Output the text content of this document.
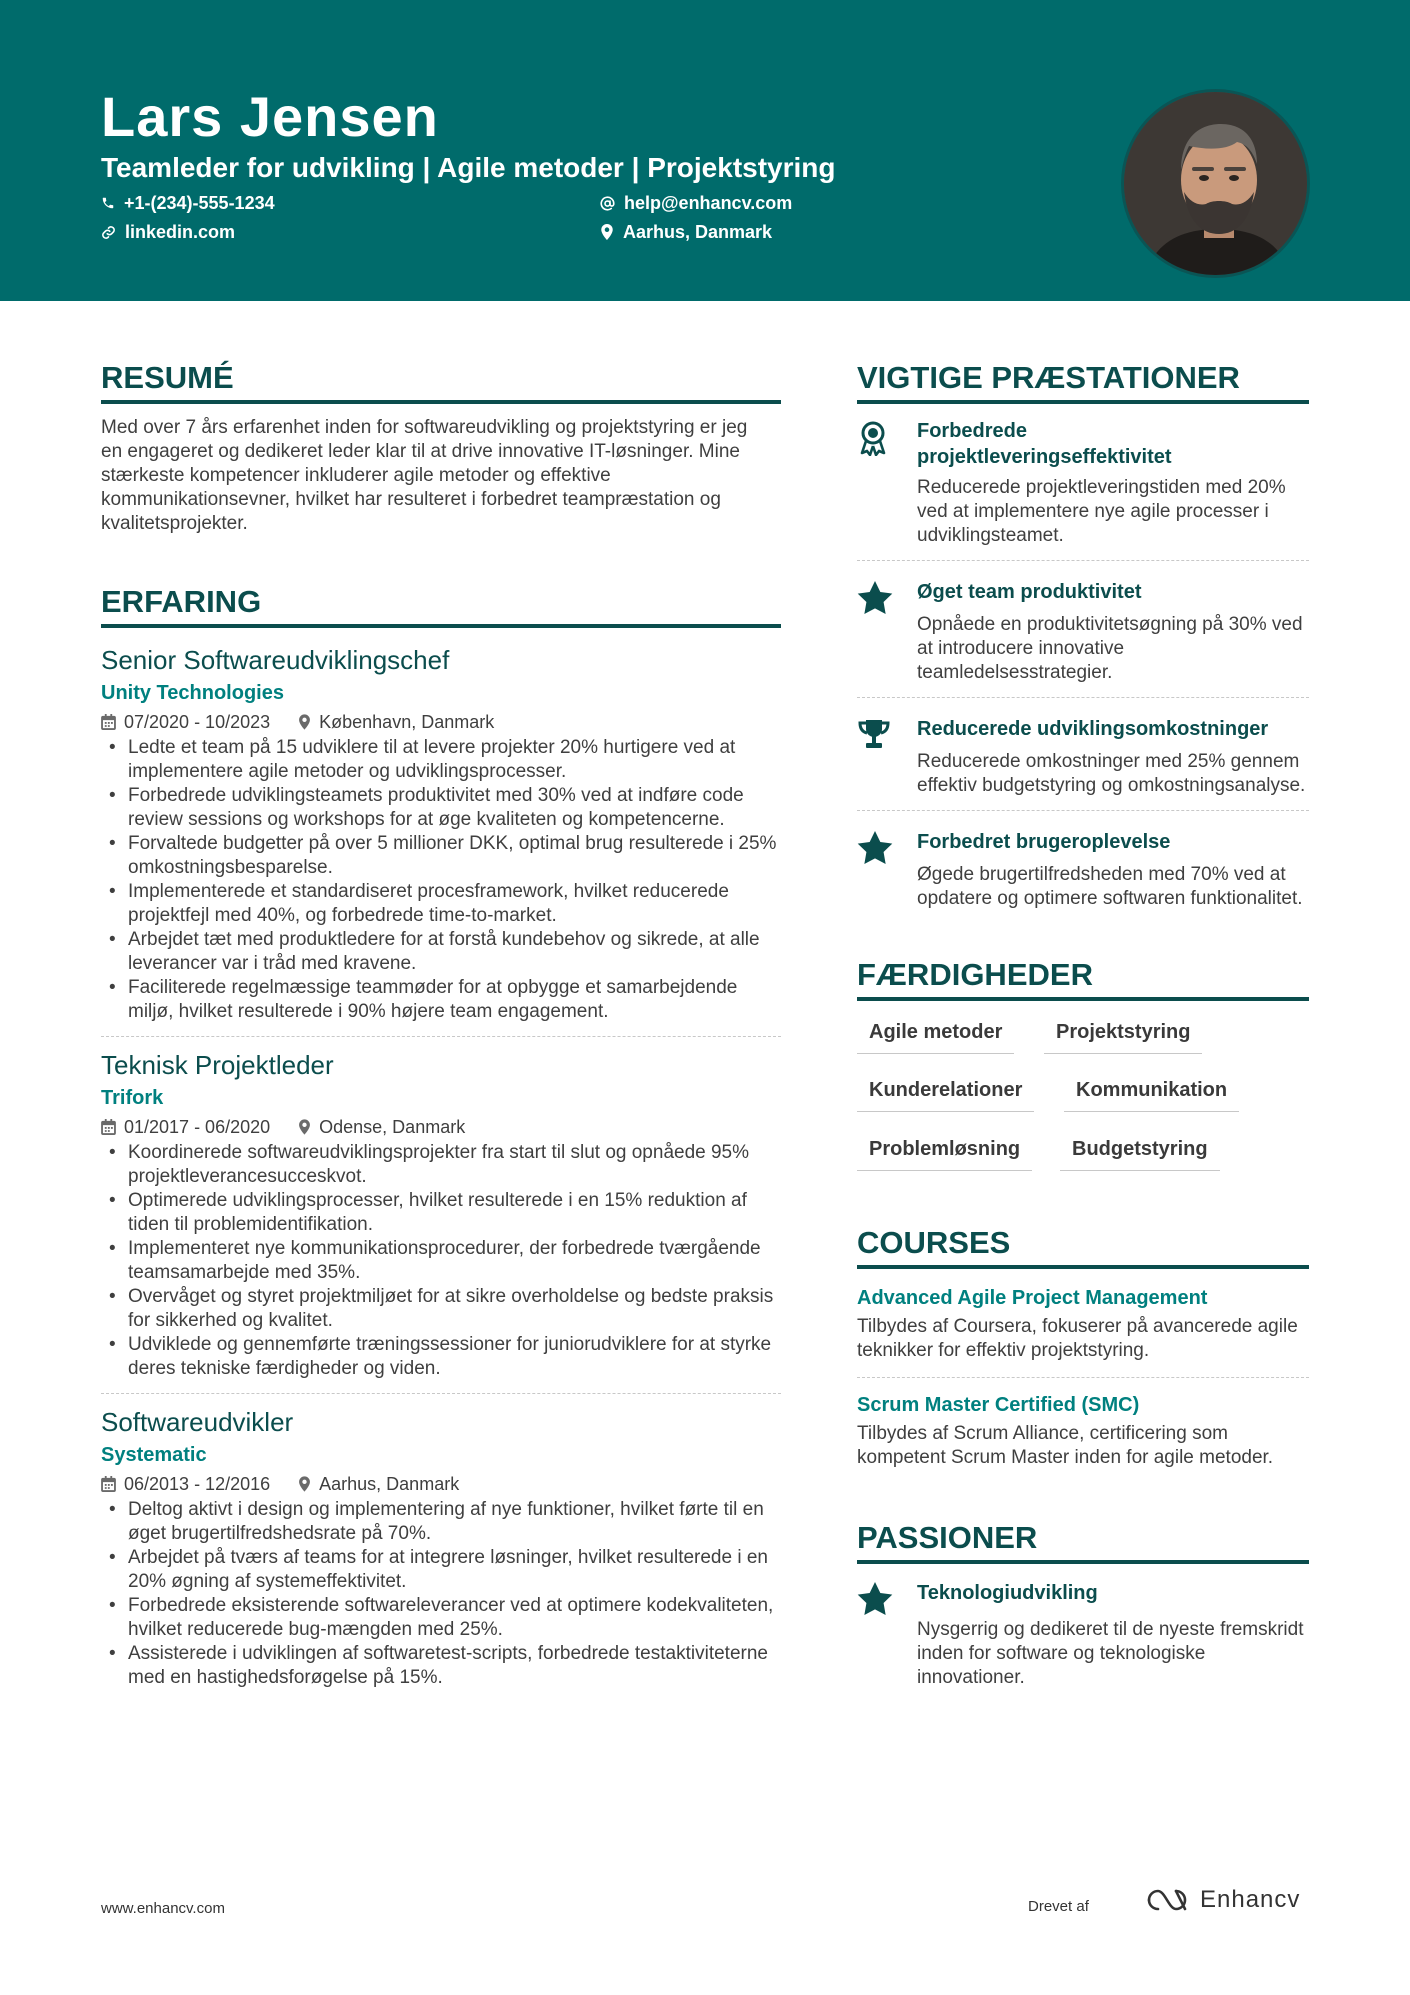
Lars Jensen
Teamleder for udvikling | Agile metoder | Projektstyring
+1-(234)-555-1234
linkedin.com
help@enhancv.com
Aarhus, Danmark
RESUMÉ
Med over 7 års erfarenhet inden for softwareudvikling og projektstyring er jeg en engageret og dedikeret leder klar til at drive innovative IT-løsninger. Mine stærkeste kompetencer inkluderer agile metoder og effektive kommunikationsevner, hvilket har resulteret i forbedret teampræstation og kvalitetsprojekter.
ERFARING
Senior Softwareudviklingschef
Unity Technologies
07/2020 - 10/2023	København, Danmark
• Ledte et team på 15 udviklere til at levere projekter 20% hurtigere ved at implementere agile metoder og udviklingsprocesser.
• Forbedrede udviklingsteamets produktivitet med 30% ved at indføre code review sessions og workshops for at øge kvaliteten og kompetencerne.
• Forvaltede budgetter på over 5 millioner DKK, optimal brug resulterede i 25% omkostningsbesparelse.
• Implementerede et standardiseret procesframework, hvilket reducerede projektfejl med 40%, og forbedrede time-to-market.
• Arbejdet tæt med produktledere for at forstå kundebehov og sikrede, at alle leverancer var i tråd med kravene.
• Faciliterede regelmæssige teammøder for at opbygge et samarbejdende miljø, hvilket resulterede i 90% højere team engagement.
Teknisk Projektleder
Trifork
01/2017 - 06/2020	Odense, Danmark
• Koordinerede softwareudviklingsprojekter fra start til slut og opnåede 95% projektleverancesucceskvot.
• Optimerede udviklingsprocesser, hvilket resulterede i en 15% reduktion af tiden til problemidentifikation.
• Implementeret nye kommunikationsprocedurer, der forbedrede tværgående teamsamarbejde med 35%.
• Overvåget og styret projektmiljøet for at sikre overholdelse og bedste praksis for sikkerhed og kvalitet.
• Udviklede og gennemførte træningssessioner for juniorudviklere for at styrke deres tekniske færdigheder og viden.
Softwareudvikler
Systematic
06/2013 - 12/2016	Aarhus, Danmark
• Deltog aktivt i design og implementering af nye funktioner, hvilket førte til en øget brugertilfredshedsrate på 70%.
• Arbejdet på tværs af teams for at integrere løsninger, hvilket resulterede i en 20% øgning af systemeffektivitet.
• Forbedrede eksisterende softwareleverancer ved at optimere kodekvaliteten, hvilket reducerede bug-mængden med 25%.
• Assisterede i udviklingen af softwaretest-scripts, forbedrede testaktiviteterne med en hastighedsforøgelse på 15%.
VIGTIGE PRÆSTATIONER
Forbedrede projektleveringseffektivitet
Reducerede projektleveringstiden med 20% ved at implementere nye agile processer i udviklingsteamet.
Øget team produktivitet
Opnåede en produktivitetsøgning på 30% ved at introducere innovative teamledelsesstrategier.
Reducerede udviklingsomkostninger
Reducerede omkostninger med 25% gennem effektiv budgetstyring og omkostningsanalyse.
Forbedret brugeroplevelse
Øgede brugertilfredsheden med 70% ved at opdatere og optimere softwaren funktionalitet.
FÆRDIGHEDER
Agile metoder	Projektstyring
Kunderelationer	Kommunikation
Problemløsning	Budgetstyring
COURSES
Advanced Agile Project Management
Tilbydes af Coursera, fokuserer på avancerede agile teknikker for effektiv projektstyring.
Scrum Master Certified (SMC)
Tilbydes af Scrum Alliance, certificering som kompetent Scrum Master inden for agile metoder.
PASSIONER
Teknologiudvikling
Nysgerrig og dedikeret til de nyeste fremskridt inden for software og teknologiske innovationer.
www.enhancv.com	Drevet af	Enhancv
